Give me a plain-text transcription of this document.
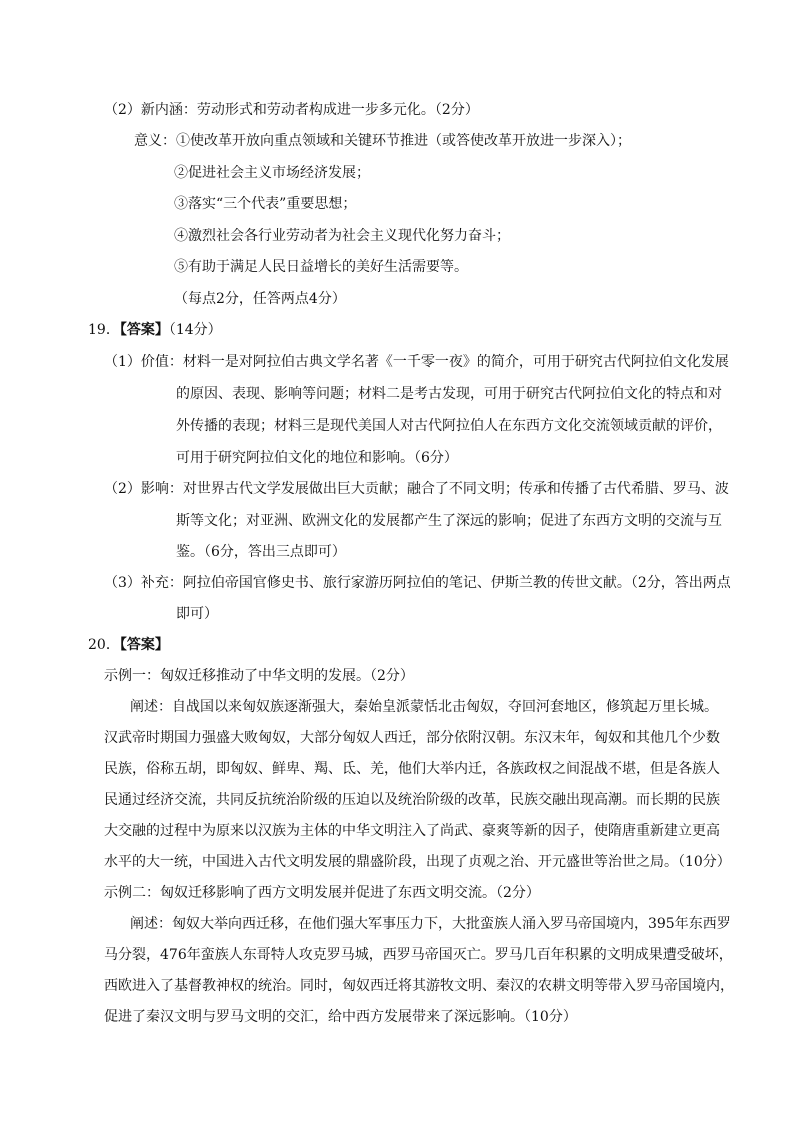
（2）新内涵：劳动形式和劳动者构成进一步多元化。（2分）
意义：①使改革开放向重点领域和关键环节推进（或答使改革开放进一步深入）；
②促进社会主义市场经济发展；
③落实“三个代表”重要思想；
④激烈社会各行业劳动者为社会主义现代化努力奋斗；
⑤有助于满足人民日益增长的美好生活需要等。
（每点2分，任答两点4分）
19．【答案】（14分）
（1）价值：材料一是对阿拉伯古典文学名著《一千零一夜》的简介，可用于研究古代阿拉伯文化发展
的原因、表现、影响等问题；材料二是考古发现，可用于研究古代阿拉伯文化的特点和对
外传播的表现；材料三是现代美国人对古代阿拉伯人在东西方文化交流领域贡献的评价，
可用于研究阿拉伯文化的地位和影响。（6分）
（2）影响：对世界古代文学发展做出巨大贡献；融合了不同文明；传承和传播了古代希腊、罗马、波
斯等文化；对亚洲、欧洲文化的发展都产生了深远的影响；促进了东西方文明的交流与互
鉴。（6分，答出三点即可）
（3）补充：阿拉伯帝国官修史书、旅行家游历阿拉伯的笔记、伊斯兰教的传世文献。（2分，答出两点
即可）
20．【答案】
示例一：匈奴迁移推动了中华文明的发展。（2分）
阐述：自战国以来匈奴族逐渐强大，秦始皇派蒙恬北击匈奴，夺回河套地区，修筑起万里长城。
汉武帝时期国力强盛大败匈奴，大部分匈奴人西迁，部分依附汉朝。东汉末年，匈奴和其他几个少数
民族，俗称五胡，即匈奴、鲜卑、羯、氐、羌，他们大举内迁，各族政权之间混战不堪，但是各族人
民通过经济交流，共同反抗统治阶级的压迫以及统治阶级的改革，民族交融出现高潮。而长期的民族
大交融的过程中为原来以汉族为主体的中华文明注入了尚武、豪爽等新的因子，使隋唐重新建立更高
水平的大一统，中国进入古代文明发展的鼎盛阶段，出现了贞观之治、开元盛世等治世之局。（10分）
示例二：匈奴迁移影响了西方文明发展并促进了东西文明交流。（2分）
阐述：匈奴大举向西迁移，在他们强大军事压力下，大批蛮族人涌入罗马帝国境内，395年东西罗
马分裂，476年蛮族人东哥特人攻克罗马城，西罗马帝国灭亡。罗马几百年积累的文明成果遭受破坏，
西欧进入了基督教神权的统治。同时，匈奴西迁将其游牧文明、秦汉的农耕文明等带入罗马帝国境内，
促进了秦汉文明与罗马文明的交汇，给中西方发展带来了深远影响。（10分）
